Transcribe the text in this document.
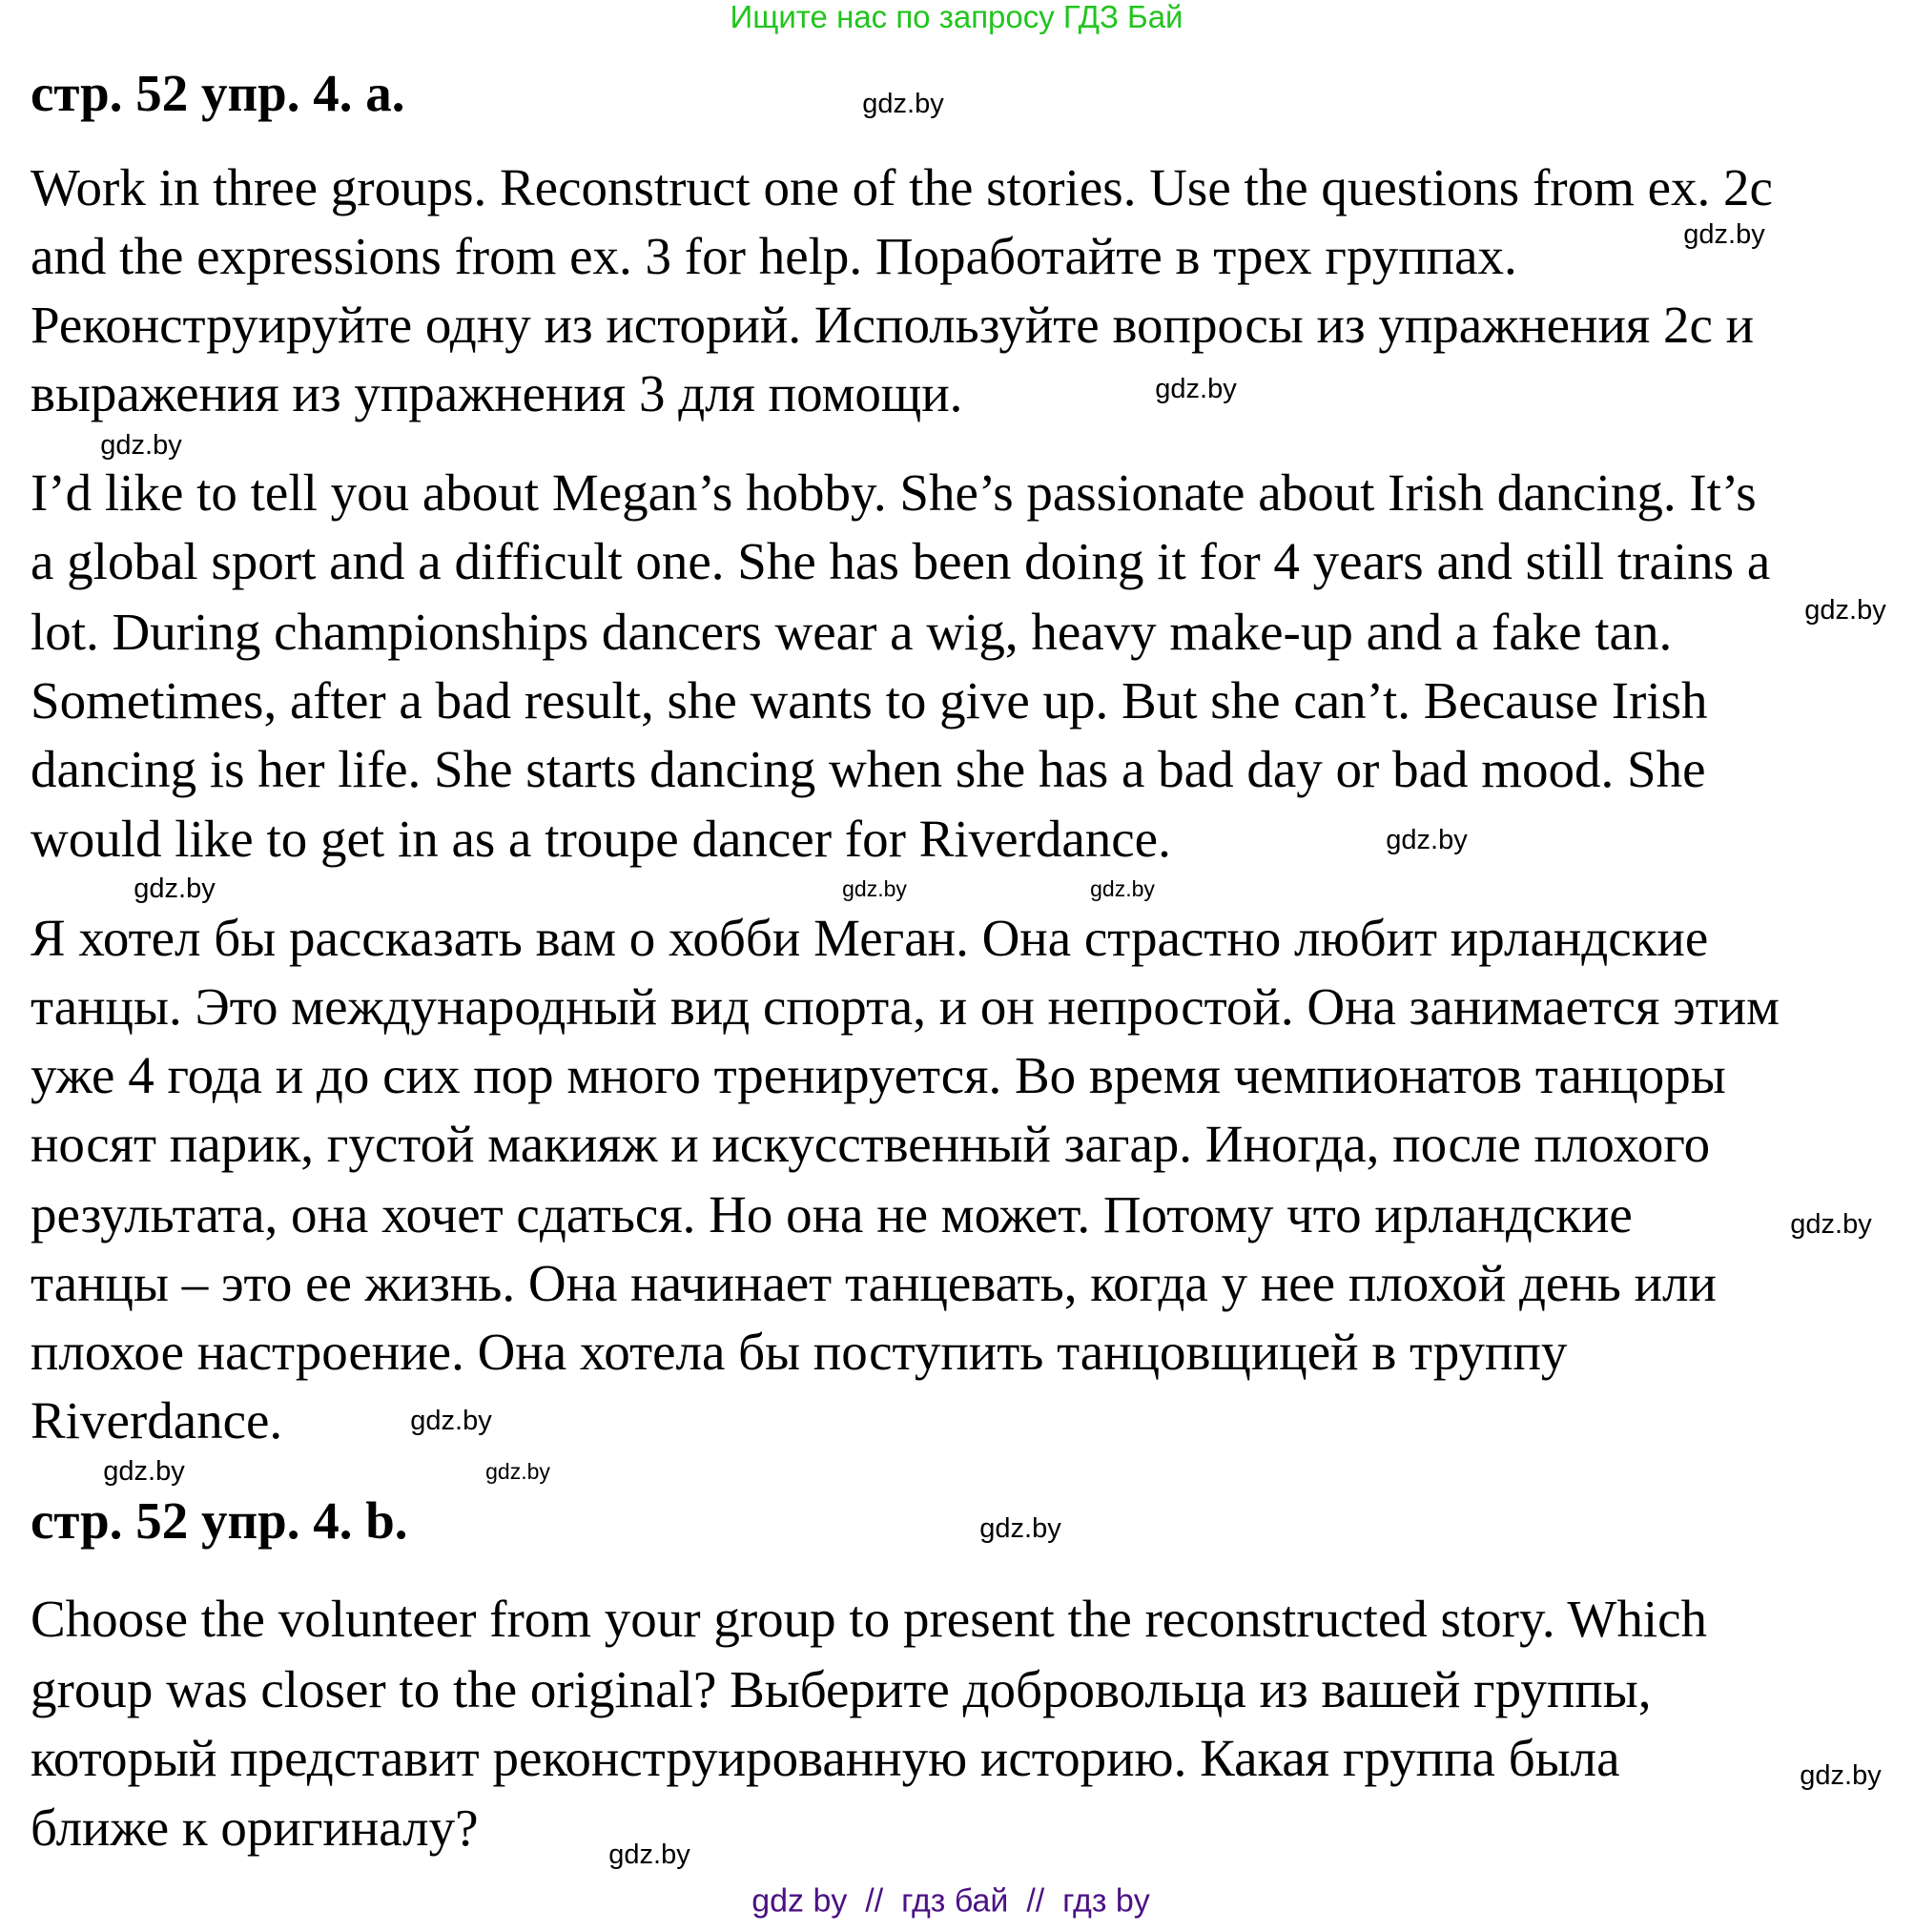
Ищите нас по запросу ГДЗ Бай
стр. 52 упр. 4. a.
Work in three groups. Reconstruct one of the stories. Use the questions from ex. 2c
and the expressions from ex. 3 for help. Поработайте в трех группах.
Реконструируйте одну из историй. Используйте вопросы из упражнения 2c и
выражения из упражнения 3 для помощи.
I’d like to tell you about Megan’s hobby. She’s passionate about Irish dancing. It’s
a global sport and a difficult one. She has been doing it for 4 years and still trains a
lot. During championships dancers wear a wig, heavy make-up and a fake tan.
Sometimes, after a bad result, she wants to give up. But she can’t. Because Irish
dancing is her life. She starts dancing when she has a bad day or bad mood. She
would like to get in as a troupe dancer for Riverdance.
Я хотел бы рассказать вам о хобби Меган. Она страстно любит ирландские
танцы. Это международный вид спорта, и он непростой. Она занимается этим
уже 4 года и до сих пор много тренируется. Во время чемпионатов танцоры
носят парик, густой макияж и искусственный загар. Иногда, после плохого
результата, она хочет сдаться. Но она не может. Потому что ирландские
танцы – это ее жизнь. Она начинает танцевать, когда у нее плохой день или
плохое настроение. Она хотела бы поступить танцовщицей в труппу
Riverdance.
стр. 52 упр. 4. b.
Choose the volunteer from your group to present the reconstructed story. Which
group was closer to the original? Выберите добровольца из вашей группы,
который представит реконструированную историю. Какая группа была
ближе к оригиналу?
gdz.by
gdz.by
gdz.by
gdz.by
gdz.by
gdz.by
gdz.by
gdz.by	gdz.by
gdz.by
gdz.by
gdz.by
gdz.by
gdz.by
gdz.by
gdz.by
gdz by  //  гдз бай  //  гдз by
